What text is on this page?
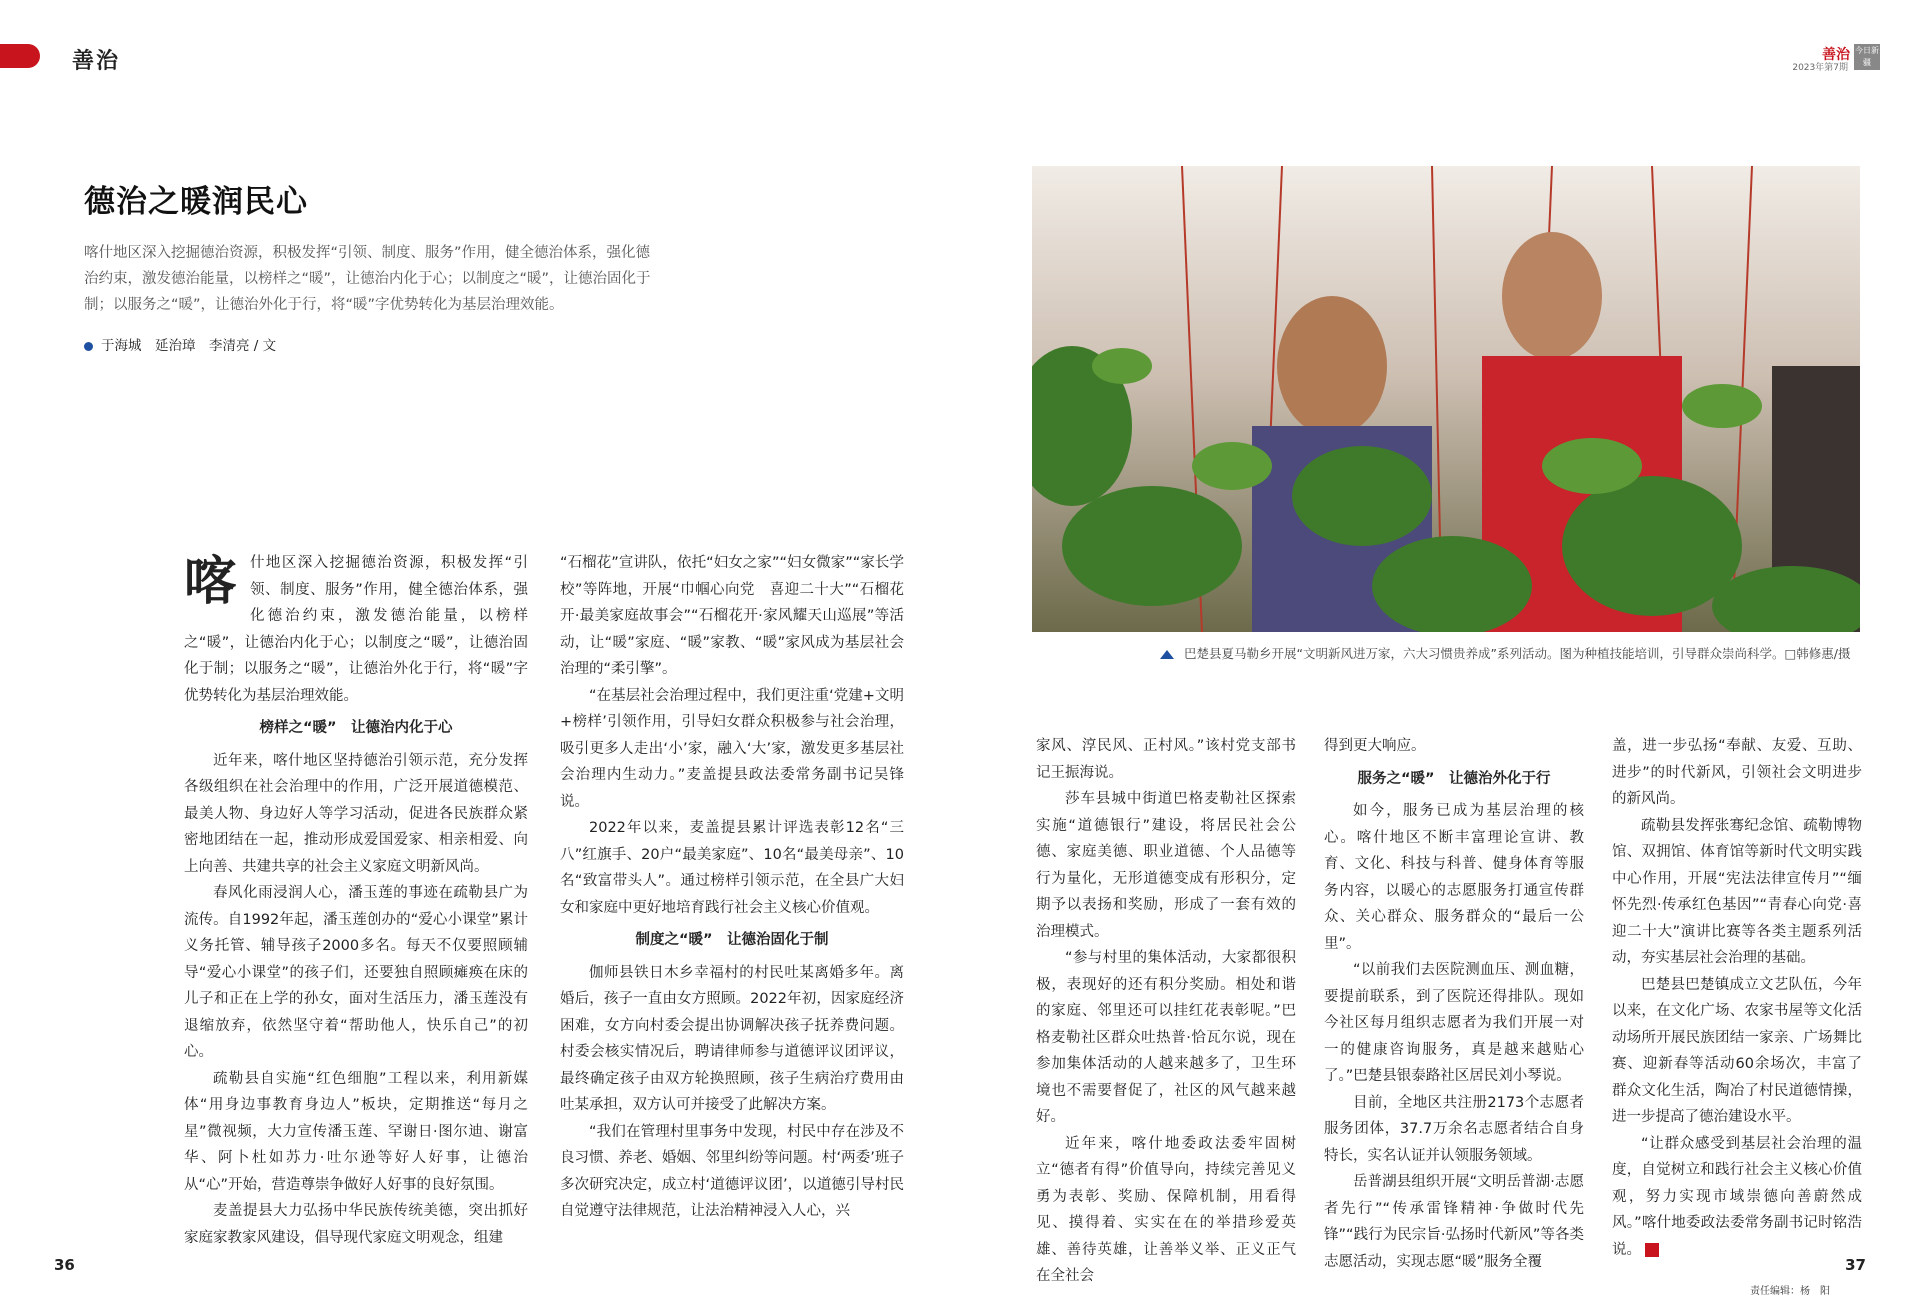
善治	善治 今日新疆
2023年第7期
德治之暖润民心

喀什地区深入挖掘德治资源，积极发挥“引领、制度、服务”作用，健全德治体系，强化德治约束，激发德治能量，以榜样之“暖”，让德治内化于心；以制度之“暖”，让德治固化于制；以服务之“暖”，让德治外化于行，将“暖”字优势转化为基层治理效能。

于海城　延治璋　李清亮 / 文
巴楚县夏马勒乡开展“文明新风进万家，六大习惯贵养成”系列活动。图为种植技能培训，引导群众崇尚科学。□韩修惠/摄

喀什地区深入挖掘德治资源，积极发挥“引领、制度、服务”作用，健全德治体系，强化德治约束，激发德治能量，以榜样之“暖”，让德治内化于心；以制度之“暖”，让德治固化于制；以服务之“暖”，让德治外化于行，将“暖”字优势转化为基层治理效能。

榜样之“暖”　让德治内化于心

近年来，喀什地区坚持德治引领示范，充分发挥各级组织在社会治理中的作用，广泛开展道德模范、最美人物、身边好人等学习活动，促进各民族群众紧密地团结在一起，推动形成爱国爱家、相亲相爱、向上向善、共建共享的社会主义家庭文明新风尚。

春风化雨浸润人心，潘玉莲的事迹在疏勒县广为流传。自1992年起，潘玉莲创办的“爱心小课堂”累计义务托管、辅导孩子2000多名。每天不仅要照顾辅导“爱心小课堂”的孩子们，还要独自照顾瘫痪在床的儿子和正在上学的孙女，面对生活压力，潘玉莲没有退缩放弃，依然坚守着“帮助他人，快乐自己”的初心。

疏勒县自实施“红色细胞”工程以来，利用新媒体“用身边事教育身边人”板块，定期推送“每月之星”微视频，大力宣传潘玉莲、罕谢日·图尔迪、谢富华、阿卜杜如苏力·吐尔逊等好人好事，让德治从“心”开始，营造尊崇争做好人好事的良好氛围。

麦盖提县大力弘扬中华民族传统美德，突出抓好家庭家教家风建设，倡导现代家庭文明观念，组建

“石榴花”宣讲队，依托“妇女之家”“妇女微家”“家长学校”等阵地，开展“巾帼心向党　喜迎二十大”“石榴花开·最美家庭故事会”“石榴花开·家风耀天山巡展”等活动，让“暖”家庭、“暖”家教、“暖”家风成为基层社会治理的“柔引擎”。

“在基层社会治理过程中，我们更注重‘党建+文明+榜样’引领作用，引导妇女群众积极参与社会治理，吸引更多人走出‘小’家，融入‘大’家，激发更多基层社会治理内生动力。”麦盖提县政法委常务副书记吴锋说。

2022年以来，麦盖提县累计评选表彰12名“三八”红旗手、20户“最美家庭”、10名“最美母亲”、10名“致富带头人”。通过榜样引领示范，在全县广大妇女和家庭中更好地培育践行社会主义核心价值观。

制度之“暖”　让德治固化于制

伽师县铁日木乡幸福村的村民吐某离婚多年。离婚后，孩子一直由女方照顾。2022年初，因家庭经济困难，女方向村委会提出协调解决孩子抚养费问题。村委会核实情况后，聘请律师参与道德评议团评议，最终确定孩子由双方轮换照顾，孩子生病治疗费用由吐某承担，双方认可并接受了此解决方案。

“我们在管理村里事务中发现，村民中存在涉及不良习惯、养老、婚姻、邻里纠纷等问题。村‘两委’班子多次研究决定，成立村‘道德评议团’，以道德引导村民自觉遵守法律规范，让法治精神浸入人心，兴

家风、淳民风、正村风。”该村党支部书记王振海说。

莎车县城中街道巴格麦勒社区探索实施“道德银行”建设，将居民社会公德、家庭美德、职业道德、个人品德等行为量化，无形道德变成有形积分，定期予以表扬和奖励，形成了一套有效的治理模式。

“参与村里的集体活动，大家都很积极，表现好的还有积分奖励。相处和谐的家庭、邻里还可以挂红花表彰呢。”巴格麦勒社区群众吐热普·恰瓦尔说，现在参加集体活动的人越来越多了，卫生环境也不需要督促了，社区的风气越来越好。

近年来，喀什地委政法委牢固树立“德者有得”价值导向，持续完善见义勇为表彰、奖励、保障机制，用看得见、摸得着、实实在在的举措珍爱英雄、善待英雄，让善举义举、正义正气在全社会

得到更大响应。

服务之“暖”　让德治外化于行

如今，服务已成为基层治理的核心。喀什地区不断丰富理论宣讲、教育、文化、科技与科普、健身体育等服务内容，以暖心的志愿服务打通宣传群众、关心群众、服务群众的“最后一公里”。

“以前我们去医院测血压、测血糖，要提前联系，到了医院还得排队。现如今社区每月组织志愿者为我们开展一对一的健康咨询服务，真是越来越贴心了。”巴楚县银泰路社区居民刘小琴说。

目前，全地区共注册2173个志愿者服务团体，37.7万余名志愿者结合自身特长，实名认证并认领服务领域。

岳普湖县组织开展“文明岳普湖·志愿者先行”“传承雷锋精神·争做时代先锋”“践行为民宗旨·弘扬时代新风”等各类志愿活动，实现志愿“暖”服务全覆

盖，进一步弘扬“奉献、友爱、互助、进步”的时代新风，引领社会文明进步的新风尚。

疏勒县发挥张骞纪念馆、疏勒博物馆、双拥馆、体育馆等新时代文明实践中心作用，开展“宪法法律宣传月”“缅怀先烈·传承红色基因”“青春心向党·喜迎二十大”演讲比赛等各类主题系列活动，夯实基层社会治理的基础。

巴楚县巴楚镇成立文艺队伍，今年以来，在文化广场、农家书屋等文化活动场所开展民族团结一家亲、广场舞比赛、迎新春等活动60余场次，丰富了群众文化生活，陶冶了村民道德情操，进一步提高了德治建设水平。

“让群众感受到基层社会治理的温度，自觉树立和践行社会主义核心价值观，努力实现市域崇德向善蔚然成风。”喀什地委政法委常务副书记时铭浩说。

36	37
责任编辑：杨　阳
